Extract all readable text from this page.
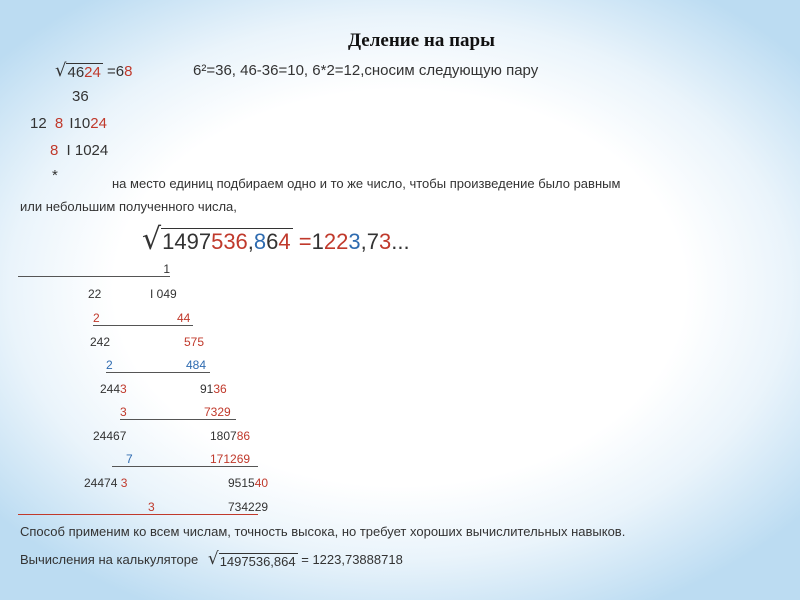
Деление на пары
√ 4624 =68	6²=36, 46-36=10, 6*2=12,сносим следующую пару
36
12 8 I1024
8 I 1024
*	на место единиц подбираем одно и то же число, чтобы произведение было равным
или небольшим полученного числа,
√ 1497536,864 =1223,73...
1
22	I 049
2	44
242	575
2	484
2443	9136
3	7329
24467	180786
7	171269
24474 3	951540
3	734229
Способ применим ко всем числам, точность высока, но требует хороших вычислительных навыков.
Вычисления на калькуляторе √ 1497536,864 = 1223,73888718
